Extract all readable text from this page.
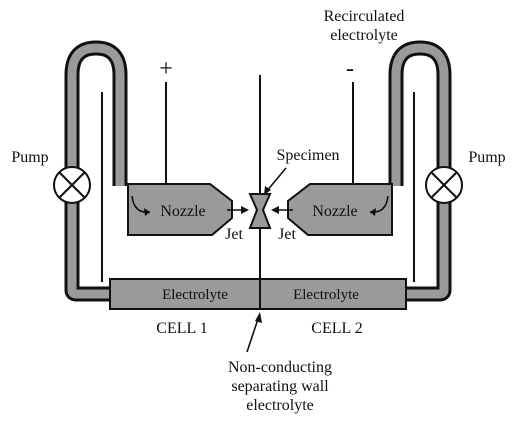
Recirculated
electrolyte
+	-
Pump	Pump
Specimen
Nozzle	Nozzle
Jet Jet
Electrolyte	Electrolyte
CELL 1	CELL 2
Non-conducting
separating wall
electrolyte
